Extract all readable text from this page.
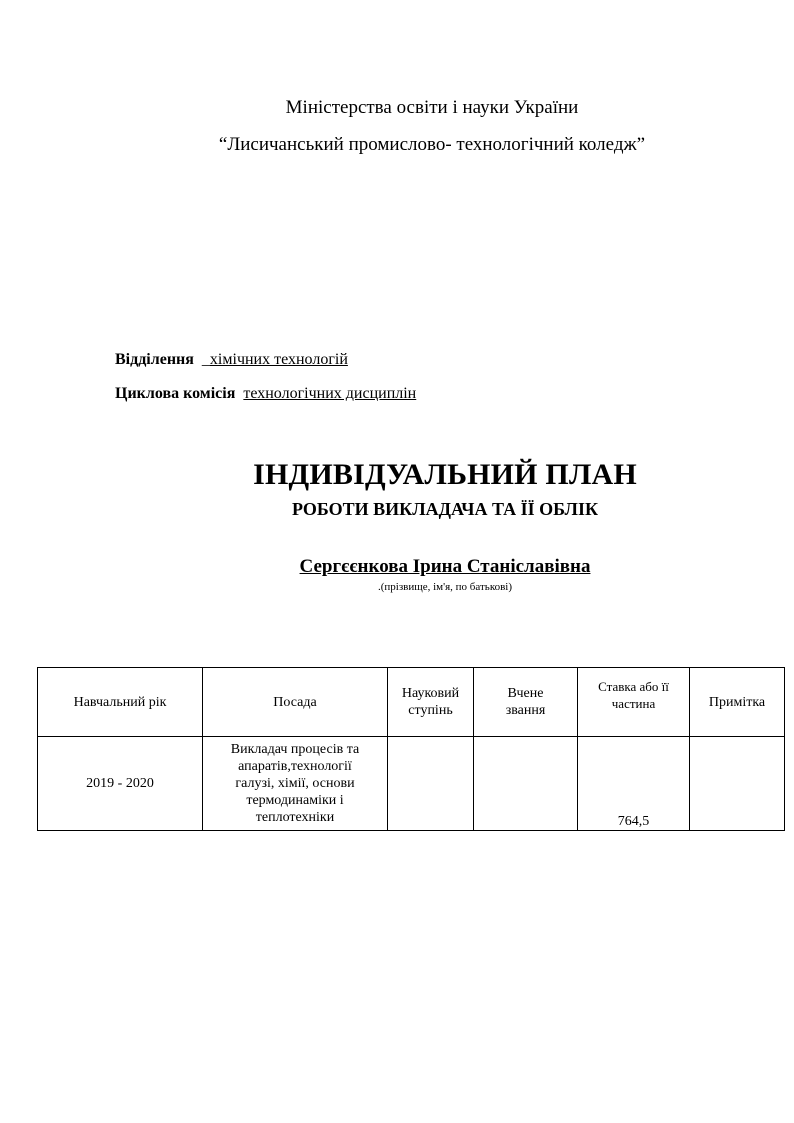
Міністерства освіти і науки України
“Лисичанський промислово- технологічний коледж”
Відділення  _хімічних технологій
Циклова комісія технологічних дисциплін
ІНДИВІДУАЛЬНИЙ ПЛАН
РОБОТИ ВИКЛАДАЧА ТА ЇЇ ОБЛІК
Сергєєнкова Ірина Станіславівна
.(прізвище, ім'я, по батькові)
Навчальний рік	Посада	Науковий ступінь	Вчене звання	Ставка або її частина	Примітка
2019 - 2020	Викладач процесів та апаратів,технології галузі, хімії, основи термодинаміки і теплотехніки			764,5	
